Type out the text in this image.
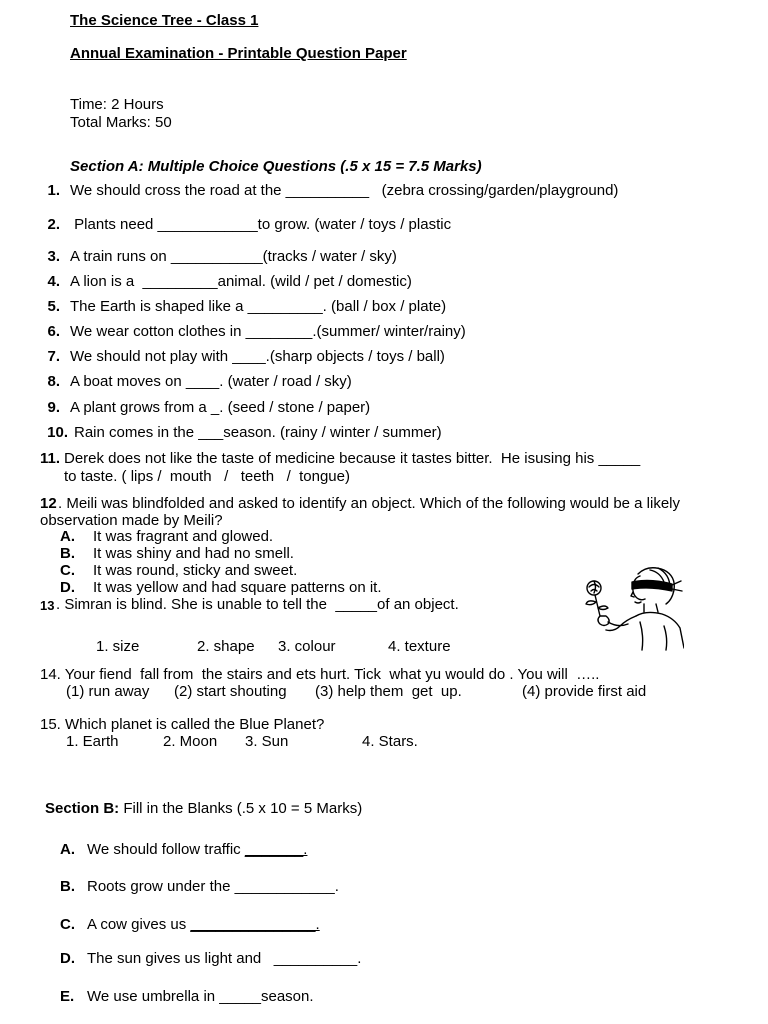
The Science Tree - Class 1
Annual Examination - Printable Question Paper
Time: 2 Hours
Total Marks: 50
Section A: Multiple Choice Questions (.5 x 15 = 7.5 Marks)
1. We should cross the road at the __________   (zebra crossing/garden/playground)
2. Plants need ____________to grow. (water / toys / plastic
3. A train runs on ___________(tracks / water / sky)
4. A lion is a  _________animal. (wild / pet / domestic)
5. The Earth is shaped like a _________. (ball / box / plate)
6. We wear cotton clothes in ________.(summer/ winter/rainy)
7. We should not play with ____.(sharp objects / toys / ball)
8. A boat moves on ____. (water / road / sky)
9. A plant grows from a _. (seed / stone / paper)
10. Rain comes in the ___season. (rainy / winter / summer)
11. Derek does not like the taste of medicine because it tastes bitter.  He isusing his _____
to taste. ( lips /  mouth   /   teeth   /  tongue)
12 . Meili was blindfolded and asked to identify an object. Which of the following would be a likely
observation made by Meili?
A.	It was fragrant and glowed.
B.	It was shiny and had no smell.
C.	It was round, sticky and sweet.
D.	It was yellow and had square patterns on it.
13 . Simran is blind. She is unable to tell the  _____of an object.
1. size	2. shape 3. colour	4. texture
14. Your fiend  fall from  the stairs and ets hurt. Tick  what yu would do . You will  …..
(1) run away (2) start shouting (3) help them  get  up.	(4) provide first aid
15. Which planet is called the Blue Planet?
1. Earth	2. Moon 3. Sun	4. Stars.
Section B: Fill in the Blanks (.5 x 10 = 5 Marks)
A. We should follow traffic _______.
B. Roots grow under the ____________.
C. A cow gives us _______________.
D. The sun gives us light and   __________.
E. We use umbrella in _____season.
